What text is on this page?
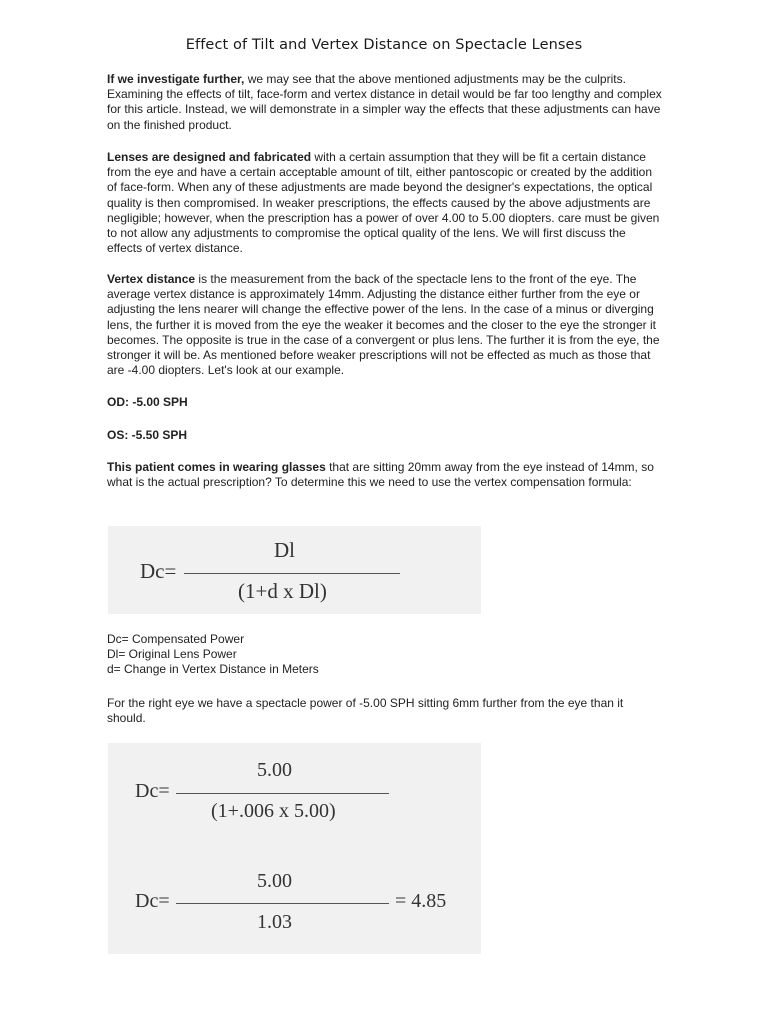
Effect of Tilt and Vertex Distance on Spectacle Lenses

If we investigate further, we may see that the above mentioned adjustments may be the culprits. Examining the effects of tilt, face-form and vertex distance in detail would be far too lengthy and complex for this article. Instead, we will demonstrate in a simpler way the effects that these adjustments can have on the finished product.

Lenses are designed and fabricated with a certain assumption that they will be fit a certain distance from the eye and have a certain acceptable amount of tilt, either pantoscopic or created by the addition of face-form. When any of these adjustments are made beyond the designer's expectations, the optical quality is then compromised. In weaker prescriptions, the effects caused by the above adjustments are negligible; however, when the prescription has a power of over 4.00 to 5.00 diopters. care must be given to not allow any adjustments to compromise the optical quality of the lens. We will first discuss the effects of vertex distance.

Vertex distance is the measurement from the back of the spectacle lens to the front of the eye. The average vertex distance is approximately 14mm. Adjusting the distance either further from the eye or adjusting the lens nearer will change the effective power of the lens. In the case of a minus or diverging lens, the further it is moved from the eye the weaker it becomes and the closer to the eye the stronger it becomes. The opposite is true in the case of a convergent or plus lens. The further it is from the eye, the stronger it will be. As mentioned before weaker prescriptions will not be effected as much as those that are -4.00 diopters. Let's look at our example.

OD: -5.00 SPH

OS: -5.50 SPH

This patient comes in wearing glasses that are sitting 20mm away from the eye instead of 14mm, so what is the actual prescription? To determine this we need to use the vertex compensation formula:

Dc=
Dl
(1+d x Dl)

Dc= Compensated Power

Dl= Original Lens Power

d= Change in Vertex Distance in Meters

For the right eye we have a spectacle power of -5.00 SPH sitting 6mm further from the eye than it should.

Dc=
5.00
(1+.006 x 5.00)
Dc=
5.00
1.03
= 4.85
